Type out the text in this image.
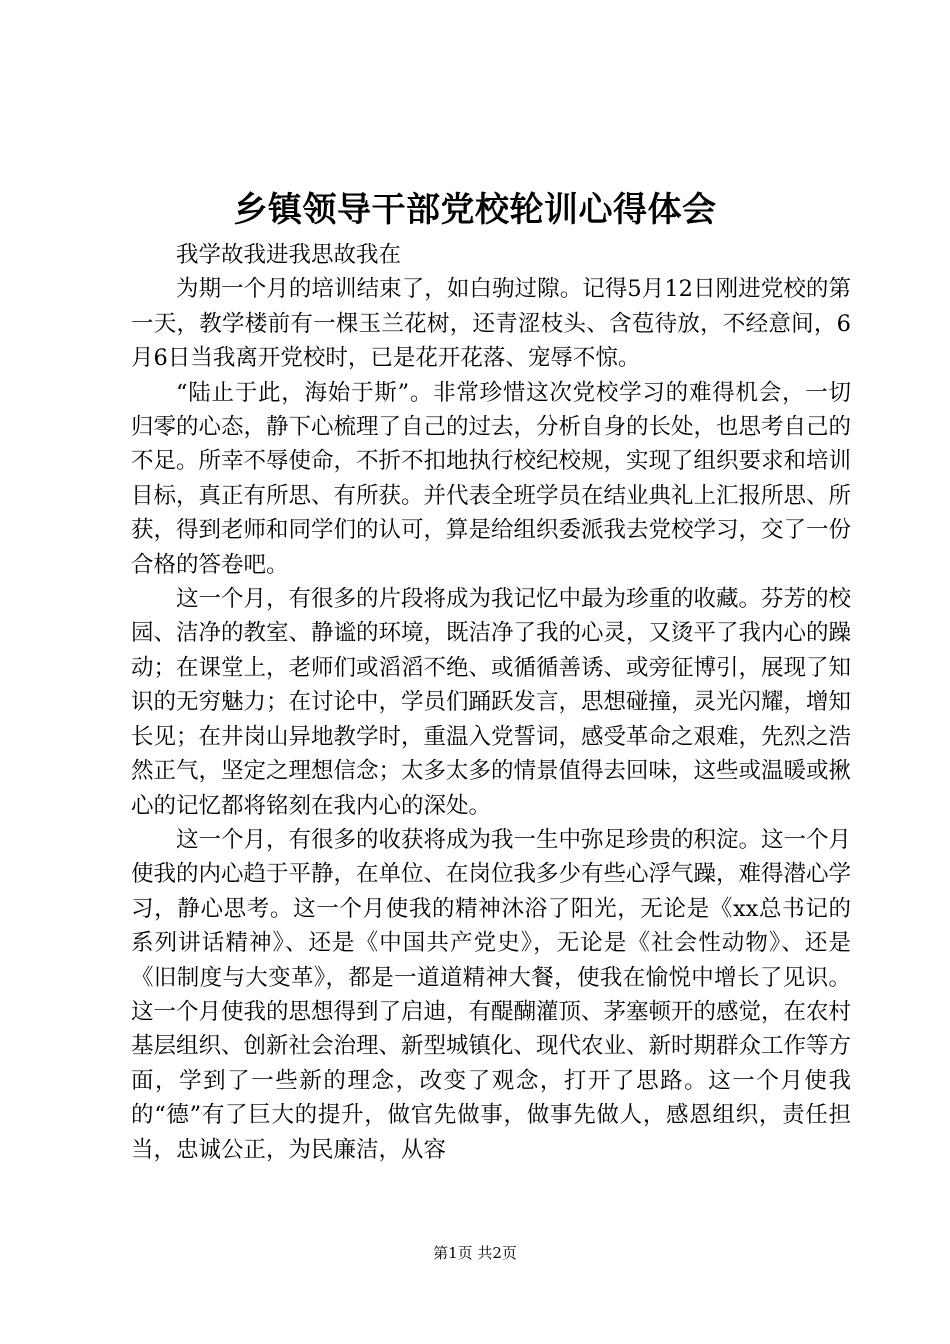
乡镇领导干部党校轮训心得体会

我学故我进我思故我在

为期一个月的培训结束了，如白驹过隙。记得5月12日刚进党校的第一天，教学楼前有一棵玉兰花树，还青涩枝头、含苞待放，不经意间，6月6日当我离开党校时，已是花开花落、宠辱不惊。

“陆止于此，海始于斯”。非常珍惜这次党校学习的难得机会，一切归零的心态，静下心梳理了自己的过去，分析自身的长处，也思考自己的不足。所幸不辱使命，不折不扣地执行校纪校规，实现了组织要求和培训目标，真正有所思、有所获。并代表全班学员在结业典礼上汇报所思、所获，得到老师和同学们的认可，算是给组织委派我去党校学习，交了一份合格的答卷吧。

这一个月，有很多的片段将成为我记忆中最为珍重的收藏。芬芳的校园、洁净的教室、静谧的环境，既洁净了我的心灵，又烫平了我内心的躁动；在课堂上，老师们或滔滔不绝、或循循善诱、或旁征博引，展现了知识的无穷魅力；在讨论中，学员们踊跃发言，思想碰撞，灵光闪耀，增知长见；在井岗山异地教学时，重温入党誓词，感受革命之艰难，先烈之浩然正气，坚定之理想信念；太多太多的情景值得去回味，这些或温暖或揪心的记忆都将铭刻在我内心的深处。

这一个月，有很多的收获将成为我一生中弥足珍贵的积淀。这一个月使我的内心趋于平静，在单位、在岗位我多少有些心浮气躁，难得潜心学习，静心思考。这一个月使我的精神沐浴了阳光，无论是《xx总书记的系列讲话精神》、还是《中国共产党史》，无论是《社会性动物》、还是《旧制度与大变革》，都是一道道精神大餐，使我在愉悦中增长了见识。这一个月使我的思想得到了启迪，有醍醐灌顶、茅塞顿开的感觉，在农村基层组织、创新社会治理、新型城镇化、现代农业、新时期群众工作等方面，学到了一些新的理念，改变了观念，打开了思路。这一个月使我的“德”有了巨大的提升，做官先做事，做事先做人，感恩组织，责任担当，忠诚公正，为民廉洁，从容

第1页 共2页
